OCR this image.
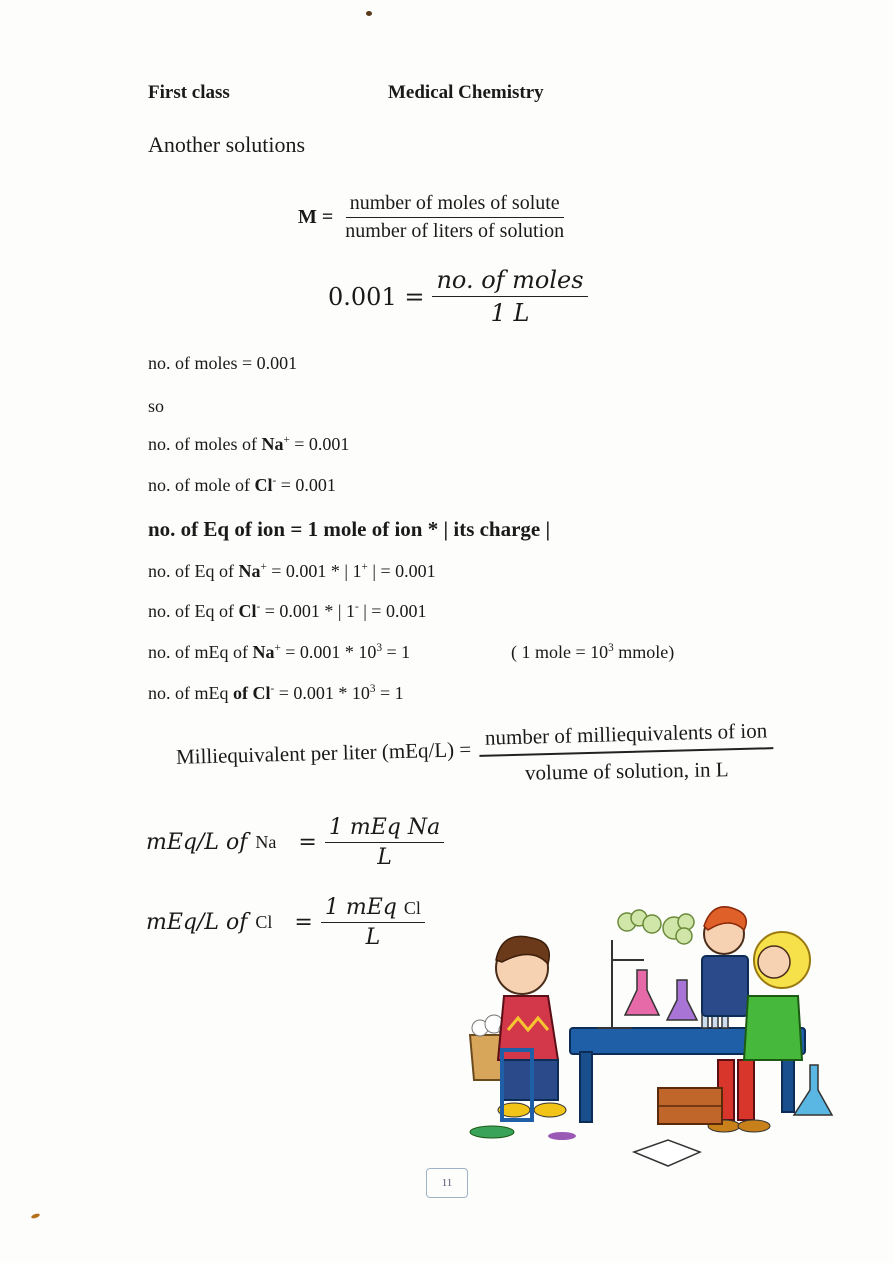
First class	Medical Chemistry
Another solutions
$M = \frac{\text{number of moles of solute}}{\text{number of liters of solution}}$
$0.001 = \frac{\text{no. of moles}}{1 L}$
no. of moles = 0.001
so
no. of moles of Na+ = 0.001
no. of mole of Cl- = 0.001
no. of Eq of ion = 1 mole of ion * | its charge |
no. of Eq of Na+ = 0.001 * | 1+ | = 0.001
no. of Eq of Cl- = 0.001 * | 1- | = 0.001
no. of mEq of $Na^+ = 0.001 * 10^3 = 1$	( 1 mole = $10^3$ mmole)
no. of mEq of $Cl^- = 0.001 * 10^3 = 1$
Milliequivalent per liter $(mEq/L) = \frac{\text{number of milliequivalents of ion}}{\text{volume of solution, in L}}$
mEq/L of $Na = \frac{\text{1 mEq Na}}{L}$
mEq/L of $Cl = \frac{\text{1 mEq Cl}}{L}$
11
